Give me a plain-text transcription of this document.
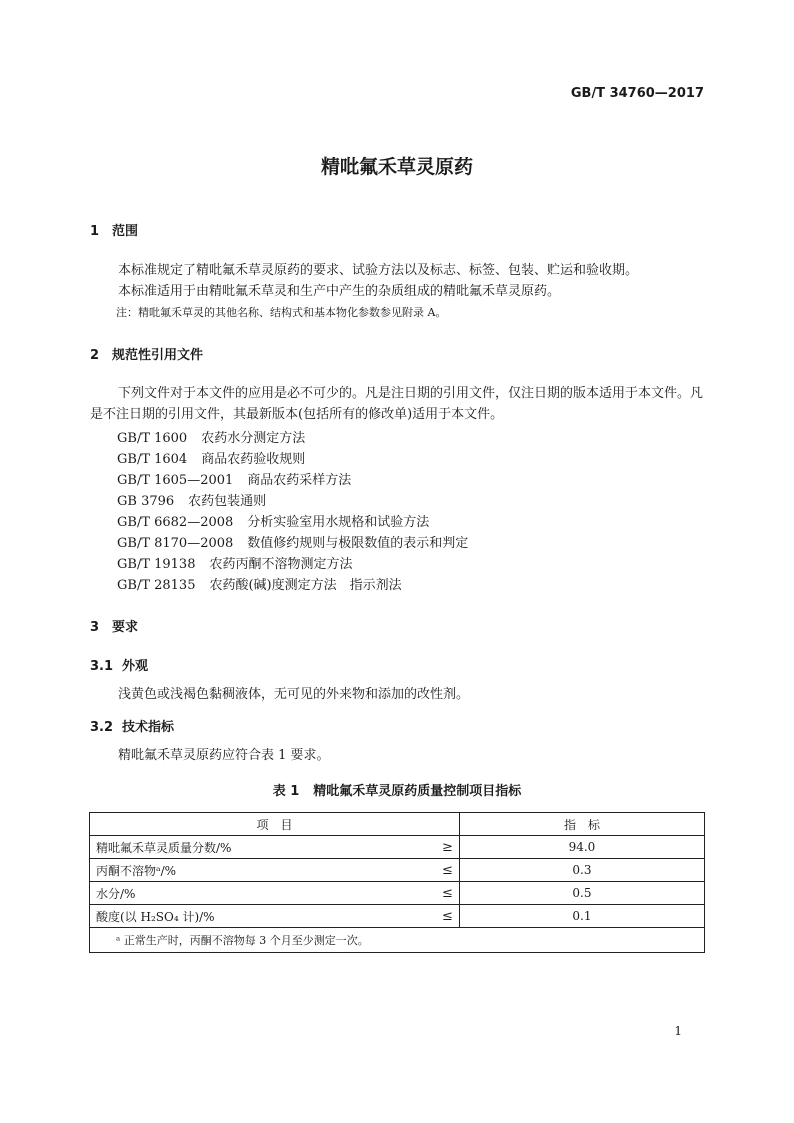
GB/T 34760—2017
精吡氟禾草灵原药
1 范围
本标准规定了精吡氟禾草灵原药的要求、试验方法以及标志、标签、包装、贮运和验收期。
本标准适用于由精吡氟禾草灵和生产中产生的杂质组成的精吡氟禾草灵原药。
注：精吡氟禾草灵的其他名称、结构式和基本物化参数参见附录 A。
2 规范性引用文件
下列文件对于本文件的应用是必不可少的。凡是注日期的引用文件，仅注日期的版本适用于本文件。凡是不注日期的引用文件，其最新版本(包括所有的修改单)适用于本文件。
GB/T 1600 农药水分测定方法
GB/T 1604 商品农药验收规则
GB/T 1605—2001 商品农药采样方法
GB 3796 农药包装通则
GB/T 6682—2008 分析实验室用水规格和试验方法
GB/T 8170—2008 数值修约规则与极限数值的表示和判定
GB/T 19138 农药丙酮不溶物测定方法
GB/T 28135 农药酸(碱)度测定方法　指示剂法
3 要求
3.1 外观
浅黄色或浅褐色黏稠液体，无可见的外来物和添加的改性剂。
3.2 技术指标
精吡氟禾草灵原药应符合表 1 要求。
表 1 精吡氟禾草灵原药质量控制项目指标
项　目		指　标
精吡氟禾草灵质量分数/%	≥	94.0
丙酮不溶物ᵃ/%	≤	0.3
水分/%	≤	0.5
酸度(以 H₂SO₄ 计)/%	≤	0.1
ᵃ 正常生产时，丙酮不溶物每 3 个月至少测定一次。		
1
